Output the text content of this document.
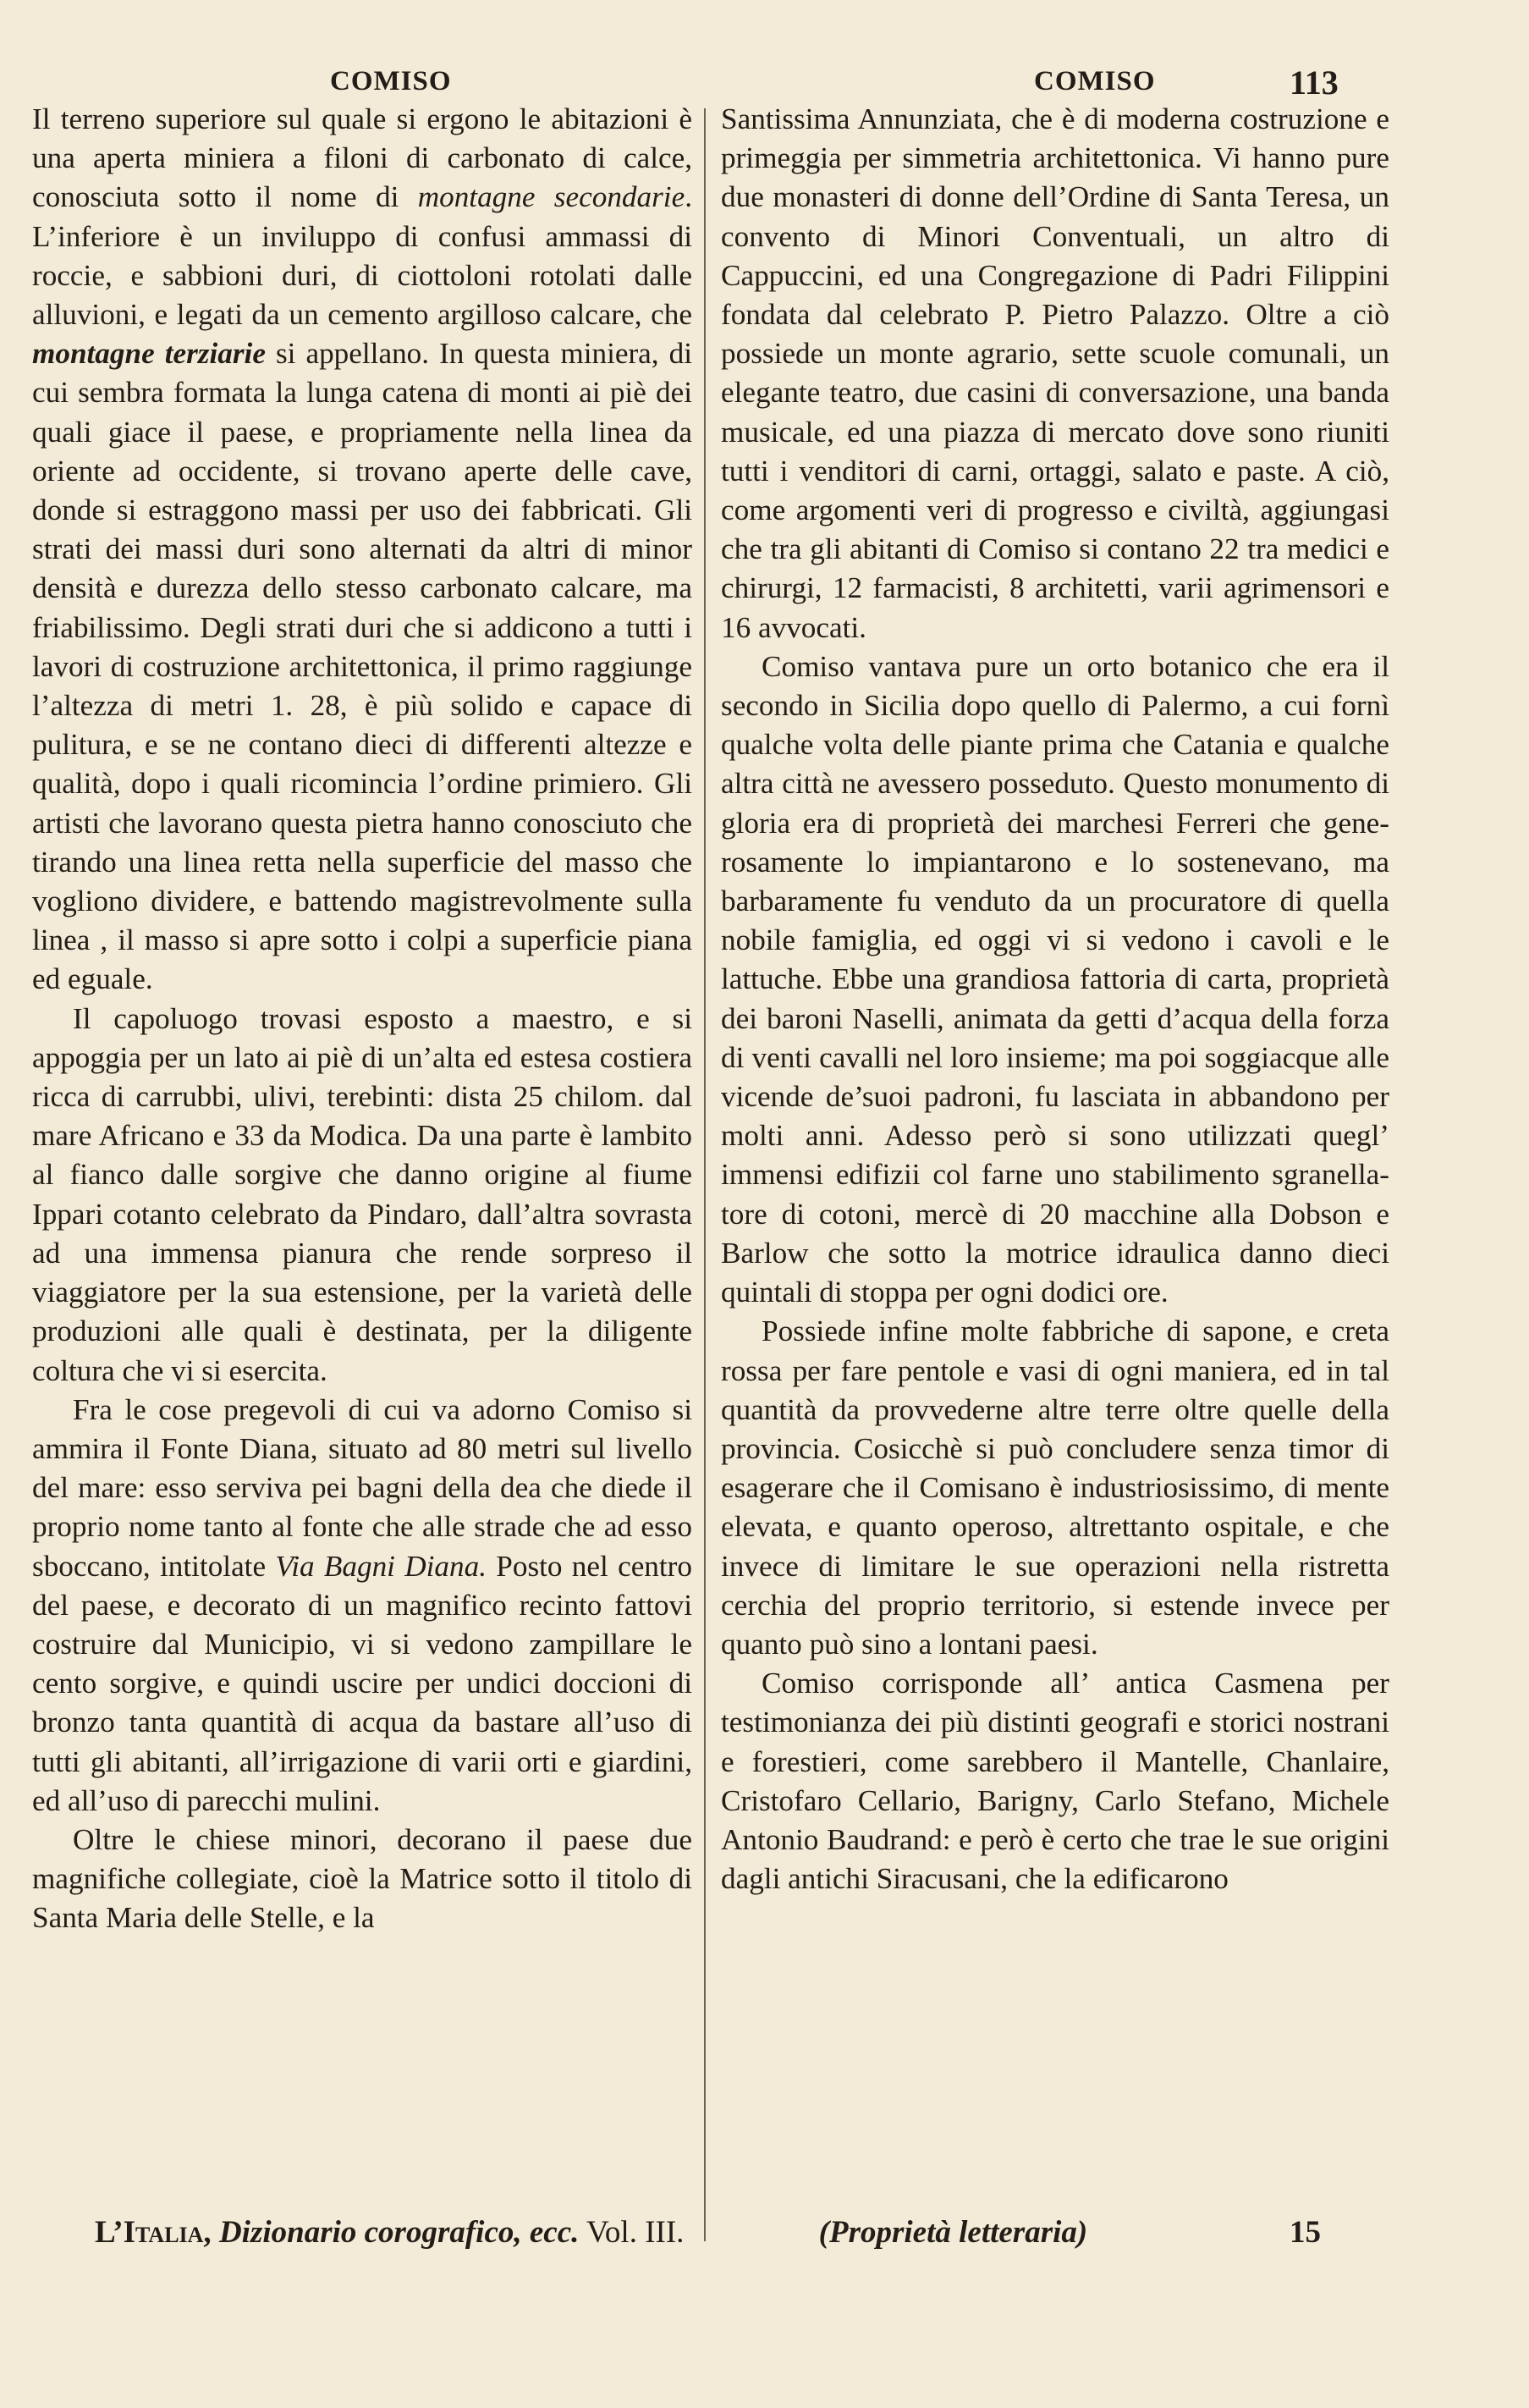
COMISO	COMISO	113

Il terreno superiore sul quale si ergono le abitazioni è una aperta miniera a filoni di carbonato di calce, conosciuta sotto il nome di montagne secondarie. L’inferiore è un inviluppo di confusi ammassi di roccie, e sabbioni duri, di ciottoloni rotolati dalle alluvioni, e legati da un cemento argilloso calcare, che montagne terziarie si appellano. In questa miniera, di cui sembra formata la lunga catena di monti ai piè dei quali giace il paese, e propriamente nella linea da oriente ad occidente, si trovano aperte delle cave, donde si estraggono massi per uso dei fabbricati. Gli strati dei massi duri sono alternati da altri di minor densità e durezza dello stesso carbonato calcare, ma friabilissimo. Degli strati duri che si addicono a tutti i lavori di costruzione architettonica, il primo raggiunge l’altezza di metri 1. 28, è più solido e capace di pulitura, e se ne contano dieci di differenti altezze e qualità, dopo i quali ricomincia l’ordine primiero. Gli artisti che lavorano questa pietra hanno conosciuto che tirando una linea retta nella superficie del masso che vogliono dividere, e battendo magistrevolmente sulla linea , il masso si apre sotto i colpi a superficie piana ed eguale.

Il capoluogo trovasi esposto a maestro, e si appoggia per un lato ai piè di un’alta ed estesa costiera ricca di carrubbi, ulivi, terebinti: dista 25 chilom. dal mare Africano e 33 da Modica. Da una parte è lambito al fianco dalle sorgive che danno origine al fiume Ippari cotanto celebrato da Pindaro, dall’altra sovrasta ad una immensa pianura che rende sorpreso il viaggiatore per la sua estensione, per la varietà delle produzioni alle quali è destinata, per la diligente coltura che vi si esercita.

Fra le cose pregevoli di cui va adorno Comiso si ammira il Fonte Diana, situato ad 80 metri sul livello del mare: esso serviva pei bagni della dea che diede il proprio nome tanto al fonte che alle strade che ad esso sboccano, intitolate Via Bagni Diana. Posto nel centro del paese, e decorato di un magnifico recinto fattovi costruire dal Municipio, vi si vedono zampillare le cento sorgive, e quindi uscire per undici doccioni di bronzo tanta quantità di acqua da bastare all’uso di tutti gli abitanti, all’irrigazione di varii orti e giardini, ed all’uso di parecchi mulini.

Oltre le chiese minori, decorano il paese due magnifiche collegiate, cioè la Matrice sotto il titolo di Santa Maria delle Stelle, e la

Santissima Annunziata, che è di moderna costruzione e primeggia per simmetria architettonica. Vi hanno pure due monasteri di donne dell’Ordine di Santa Teresa, un convento di Minori Conventuali, un altro di Cappuccini, ed una Congregazione di Padri Filippini fondata dal celebrato P. Pietro Palazzo. Oltre a ciò possiede un monte agrario, sette scuole comunali, un elegante teatro, due casini di conversazione, una banda musicale, ed una piazza di mercato dove sono riuniti tutti i venditori di carni, ortaggi, salato e paste. A ciò, come argomenti veri di progresso e civiltà, aggiungasi che tra gli abitanti di Comiso si contano 22 tra medici e chirurgi, 12 farmacisti, 8 architetti, varii agrimensori e 16 avvocati.

Comiso vantava pure un orto botanico che era il secondo in Sicilia dopo quello di Palermo, a cui fornì qualche volta delle piante prima che Catania e qualche altra città ne avessero posseduto. Questo monumento di gloria era di proprietà dei marchesi Ferreri che generosamente lo impiantarono e lo sostenevano, ma barbaramente fu venduto da un procuratore di quella nobile famiglia, ed oggi vi si vedono i cavoli e le lattuche. Ebbe una grandiosa fattoria di carta, proprietà dei baroni Naselli, animata da getti d’acqua della forza di venti cavalli nel loro insieme; ma poi soggiacque alle vicende de’suoi padroni, fu lasciata in abbandono per molti anni. Adesso però si sono utilizzati quegl’ immensi edifizii col farne uno stabilimento sgranellatore di cotoni, mercè di 20 macchine alla Dobson e Barlow che sotto la motrice idraulica danno dieci quintali di stoppa per ogni dodici ore.

Possiede infine molte fabbriche di sapone, e creta rossa per fare pentole e vasi di ogni maniera, ed in tal quantità da provvederne altre terre oltre quelle della provincia. Cosicchè si può concludere senza timor di esagerare che il Comisano è industriosissimo, di mente elevata, e quanto operoso, altrettanto ospitale, e che invece di limitare le sue operazioni nella ristretta cerchia del proprio territorio, si estende invece per quanto può sino a lontani paesi.

Comiso corrisponde all’ antica Casmena per testimonianza dei più distinti geografi e storici nostrani e forestieri, come sarebbero il Mantelle, Chanlaire, Cristofaro Cellario, Barigny, Carlo Stefano, Michele Antonio Baudrand: e però è certo che trae le sue origini dagli antichi Siracusani, che la edificarono

L’Italia, Dizionario corografico, ecc. Vol. III.	(Proprietà letteraria)	15
